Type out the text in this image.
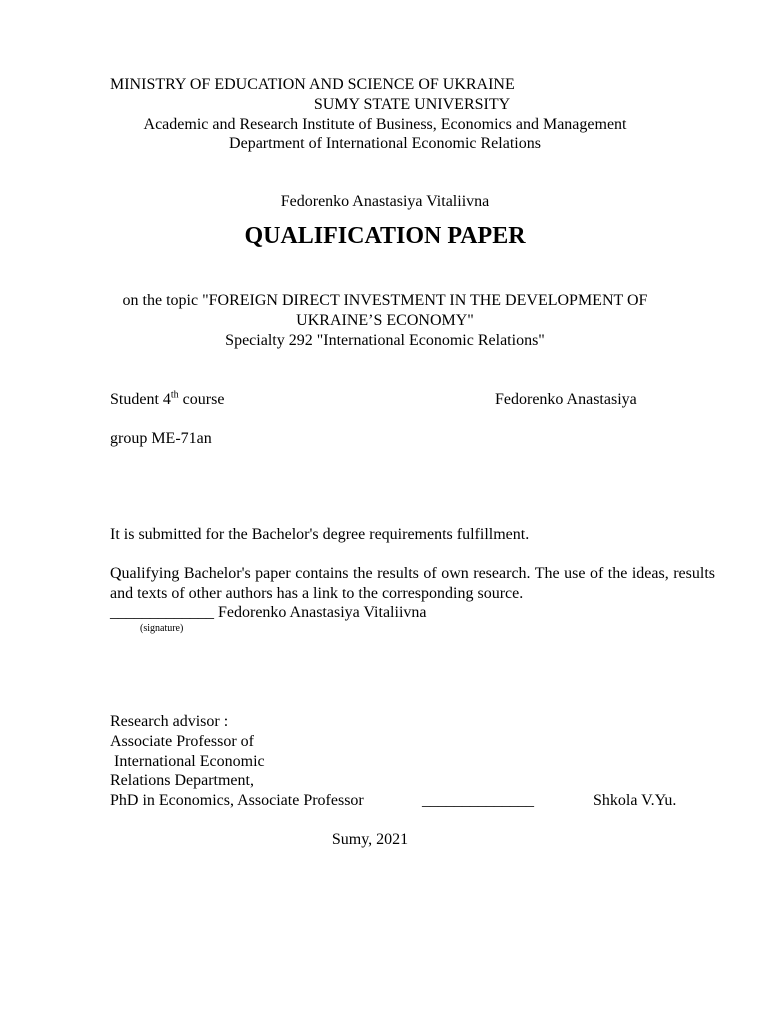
MINISTRY OF EDUCATION AND SCIENCE OF UKRAINE
SUMY STATE UNIVERSITY
Academic and Research Institute of Business, Economics and Management
Department of International Economic Relations
Fedorenko Anastasiya Vitaliivna
QUALIFICATION PAPER
on the topic "FOREIGN DIRECT INVESTMENT IN THE DEVELOPMENT OF
UKRAINE’S ECONOMY"
Specialty 292 "International Economic Relations"
Student 4th course	Fedorenko Anastasiya
group ME-71an
It is submitted for the Bachelor's degree requirements fulfillment.
Qualifying Bachelor's paper contains the results of own research. The use of the ideas, results and texts of other authors has a link to the corresponding source.
_____________ Fedorenko Anastasiya Vitaliivna
(signature)
Research advisor :
Associate Professor of
International Economic
Relations Department,
PhD in Economics, Associate Professor	______________	Shkola V.Yu.
Sumy, 2021
